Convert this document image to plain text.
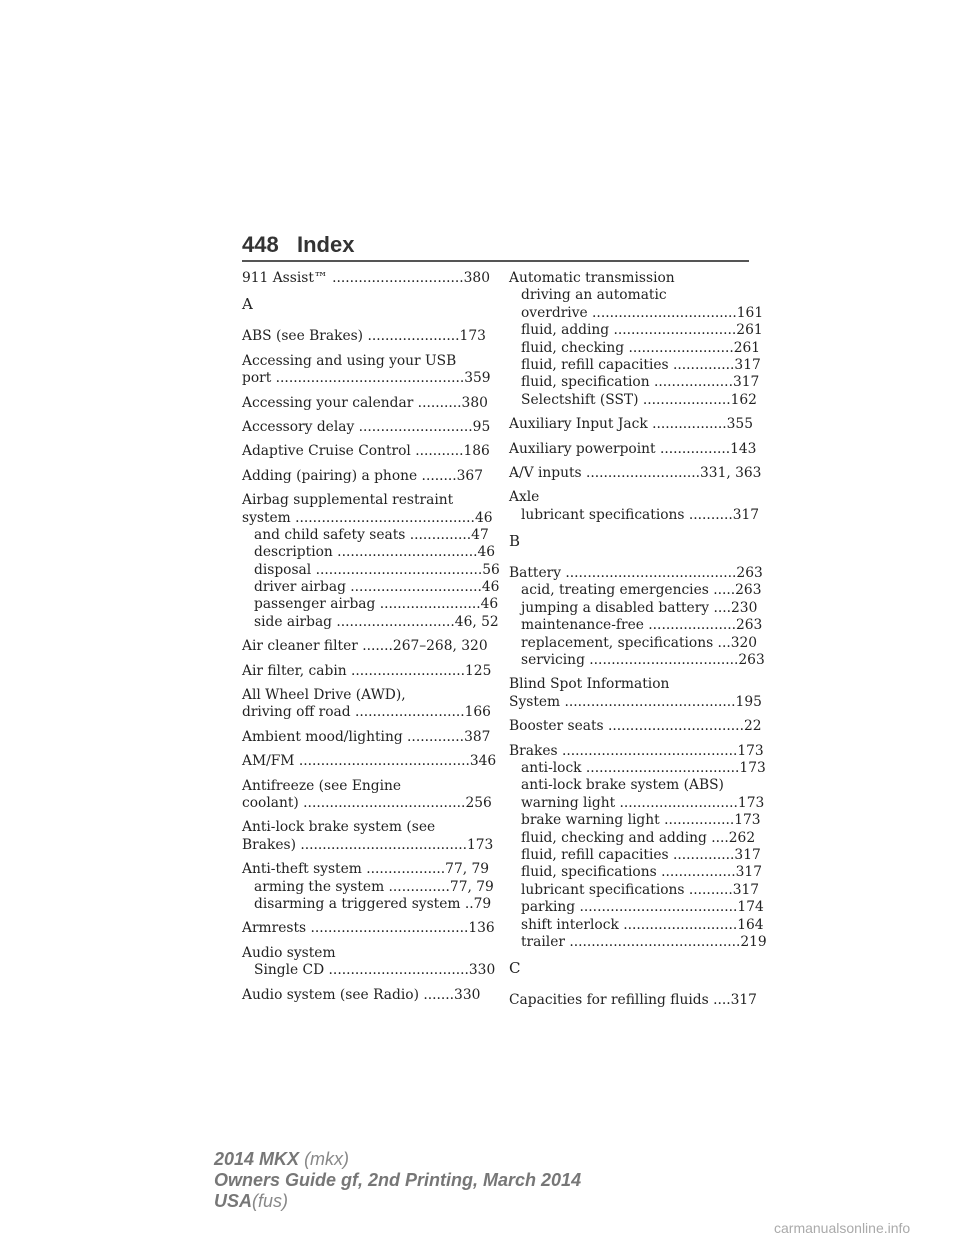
448 Index
911 Assist™ ..............................380
A
ABS (see Brakes) .....................173
Accessing and using your USB
port ...........................................359
Accessing your calendar ..........380
Accessory delay ..........................95
Adaptive Cruise Control ...........186
Adding (pairing) a phone ........367
Airbag supplemental restraint
system .........................................46
and child safety seats ..............47
description ................................46
disposal ......................................56
driver airbag ..............................46
passenger airbag .......................46
side airbag ...........................46, 52
Air cleaner filter .......267–268, 320
Air filter, cabin ..........................125
All Wheel Drive (AWD),
driving off road .........................166
Ambient mood/lighting .............387
AM/FM .......................................346
Antifreeze (see Engine
coolant) .....................................256
Anti-lock brake system (see
Brakes) ......................................173
Anti-theft system ..................77, 79
arming the system ..............77, 79
disarming a triggered system ..79
Armrests ....................................136
Audio system
Single CD ................................330
Audio system (see Radio) .......330
Automatic transmission
driving an automatic
overdrive .................................161
fluid, adding ............................261
fluid, checking ........................261
fluid, refill capacities ..............317
fluid, specification ..................317
Selectshift (SST) ....................162
Auxiliary Input Jack .................355
Auxiliary powerpoint ................143
A/V inputs ..........................331, 363
Axle
lubricant specifications ..........317
B
Battery .......................................263
acid, treating emergencies .....263
jumping a disabled battery ....230
maintenance-free ....................263
replacement, specifications ...320
servicing ..................................263
Blind Spot Information
System .......................................195
Booster seats ...............................22
Brakes ........................................173
anti-lock ...................................173
anti-lock brake system (ABS)
warning light ...........................173
brake warning light ................173
fluid, checking and adding ....262
fluid, refill capacities ..............317
fluid, specifications .................317
lubricant specifications ..........317
parking ....................................174
shift interlock ..........................164
trailer .......................................219
C
Capacities for refilling fluids ....317
2014 MKX (mkx)
Owners Guide gf, 2nd Printing, March 2014
USA(fus)
carmanualsonline.info
